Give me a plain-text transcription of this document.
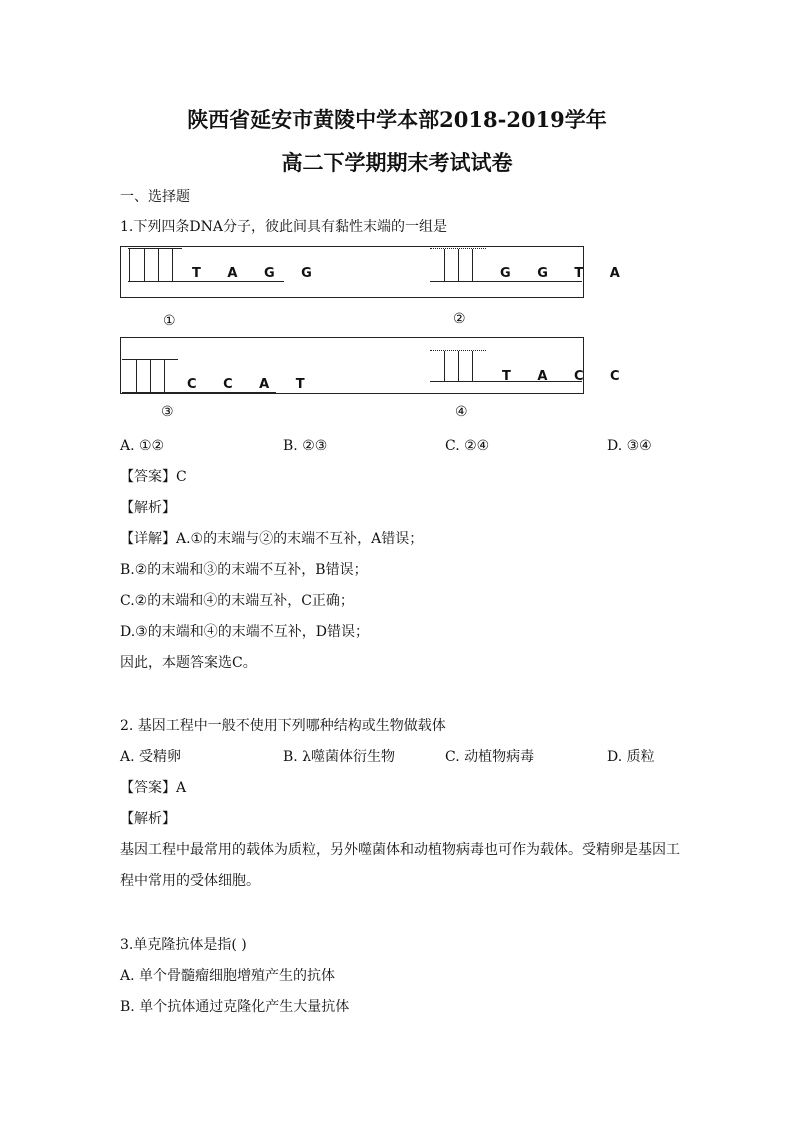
陕西省延安市黄陵中学本部2018-2019学年
高二下学期期末考试试卷
一、选择题
1.下列四条DNA分子，彼此间具有黏性末端的一组是
T A G G	G G T A
①	②
C C A T
T A C C
③	④
A. ①②	B. ②③	C. ②④	D. ③④
【答案】C
【解析】
【详解】A.①的末端与②的末端不互补，A错误；
B.②的末端和③的末端不互补，B错误；
C.②的末端和④的末端互补，C正确；
D.③的末端和④的末端不互补，D错误；
因此，本题答案选C。
2. 基因工程中一般不使用下列哪种结构或生物做载体
A. 受精卵	B. λ噬菌体衍生物	C. 动植物病毒	D. 质粒
【答案】A
【解析】
基因工程中最常用的载体为质粒，另外噬菌体和动植物病毒也可作为载体。受精卵是基因工程中常用的受体细胞。
3.单克隆抗体是指( )
A. 单个骨髓瘤细胞增殖产生的抗体
B. 单个抗体通过克隆化产生大量抗体
